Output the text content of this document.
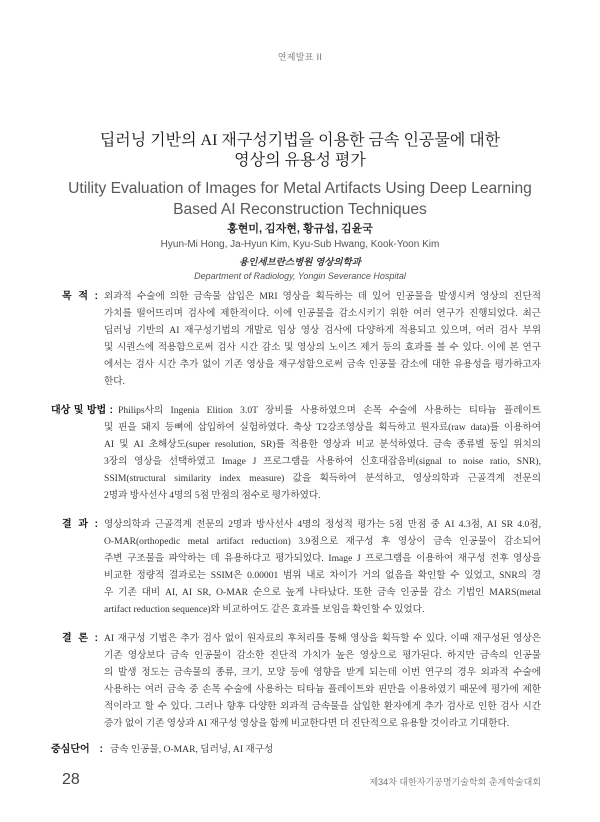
연제발표 II
딥러닝 기반의 AI 재구성기법을 이용한 금속 인공물에 대한
영상의 유용성 평가
Utility Evaluation of Images for Metal Artifacts Using Deep Learning
Based AI Reconstruction Techniques
홍현미, 김자현, 황규섭, 김윤국
Hyun-Mi Hong, Ja-Hyun Kim, Kyu-Sub Hwang, Kook-Yoon Kim
용인세브란스병원 영상의학과
Department of Radiology, Yongin Severance Hospital
목 적 : 외과적 수술에 의한 금속물 삽입은 MRI 영상을 획득하는 데 있어 인공물을 발생시켜 영상의 진단적
가치를 떨어뜨리며 검사에 제한적이다. 이에 인공물을 감소시키기 위한 여러 연구가 진행되었다. 최근
딥러닝 기반의 AI 재구성기법의 개발로 임상 영상 검사에 다양하게 적용되고 있으며, 여러 검사 부위
및 시퀀스에 적용함으로써 검사 시간 감소 및 영상의 노이즈 제거 등의 효과를 볼 수 있다. 이에 본 연구
에서는 검사 시간 추가 없이 기존 영상을 재구성함으로써 금속 인공물 감소에 대한 유용성을 평가하고자
한다.
대상 및 방법 : Philips사의 Ingenia Elition 3.0T 장비를 사용하였으며 손목 수술에 사용하는 티타늄 플레이트
및 핀을 돼지 등뼈에 삽입하여 실험하였다. 축상 T2강조영상을 획득하고 원자료(raw data)를 이용하여
AI 및 AI 초해상도(super resolution, SR)를 적용한 영상과 비교 분석하였다. 금속 종류별 동일 위치의
3장의 영상을 선택하였고 Image J 프로그램을 사용하여 신호대잡음비(signal to noise ratio, SNR),
SSIM(structural similarity index measure) 값을 획득하여 분석하고, 영상의학과 근골격계 전문의
2명과 방사선사 4명의 5점 만점의 점수로 평가하였다.
결 과 : 영상의학과 근골격계 전문의 2명과 방사선사 4명의 정성적 평가는 5점 만점 중 AI 4.3점, AI SR 4.0점,
O-MAR(orthopedic metal artifact reduction) 3.9점으로 재구성 후 영상이 금속 인공물이 감소되어
주변 구조물을 파악하는 데 유용하다고 평가되었다. Image J 프로그램을 이용하여 재구성 전후 영상을
비교한 정량적 결과로는 SSIM은 0.00001 범위 내로 차이가 거의 없음을 확인할 수 있었고, SNR의 경
우 기존 대비 AI, AI SR, O-MAR 순으로 높게 나타났다. 또한 금속 인공물 감소 기법인 MARS(metal
artifact reduction sequence)와 비교하여도 같은 효과를 보임을 확인할 수 있었다.
결 론 : AI 재구성 기법은 추가 검사 없이 원자료의 후처리를 통해 영상을 획득할 수 있다. 이때 재구성된 영상은
기존 영상보다 금속 인공물이 감소한 진단적 가치가 높은 영상으로 평가된다. 하지만 금속의 인공물
의 발생 정도는 금속물의 종류, 크기, 모양 등에 영향을 받게 되는데 이번 연구의 경우 외과적 수술에
사용하는 여러 금속 중 손목 수술에 사용하는 티타늄 플레이트와 핀만을 이용하였기 때문에 평가에 제한
적이라고 할 수 있다. 그러나 향후 다양한 외과적 금속물을 삽입한 환자에게 추가 검사로 인한 검사 시간
증가 없이 기존 영상과 AI 재구성 영상을 함께 비교한다면 더 진단적으로 유용할 것이라고 기대한다.
중심단어 : 금속 인공물, O-MAR, 딥러닝, AI 재구성
28	제34차 대한자기공명기술학회 춘계학술대회
